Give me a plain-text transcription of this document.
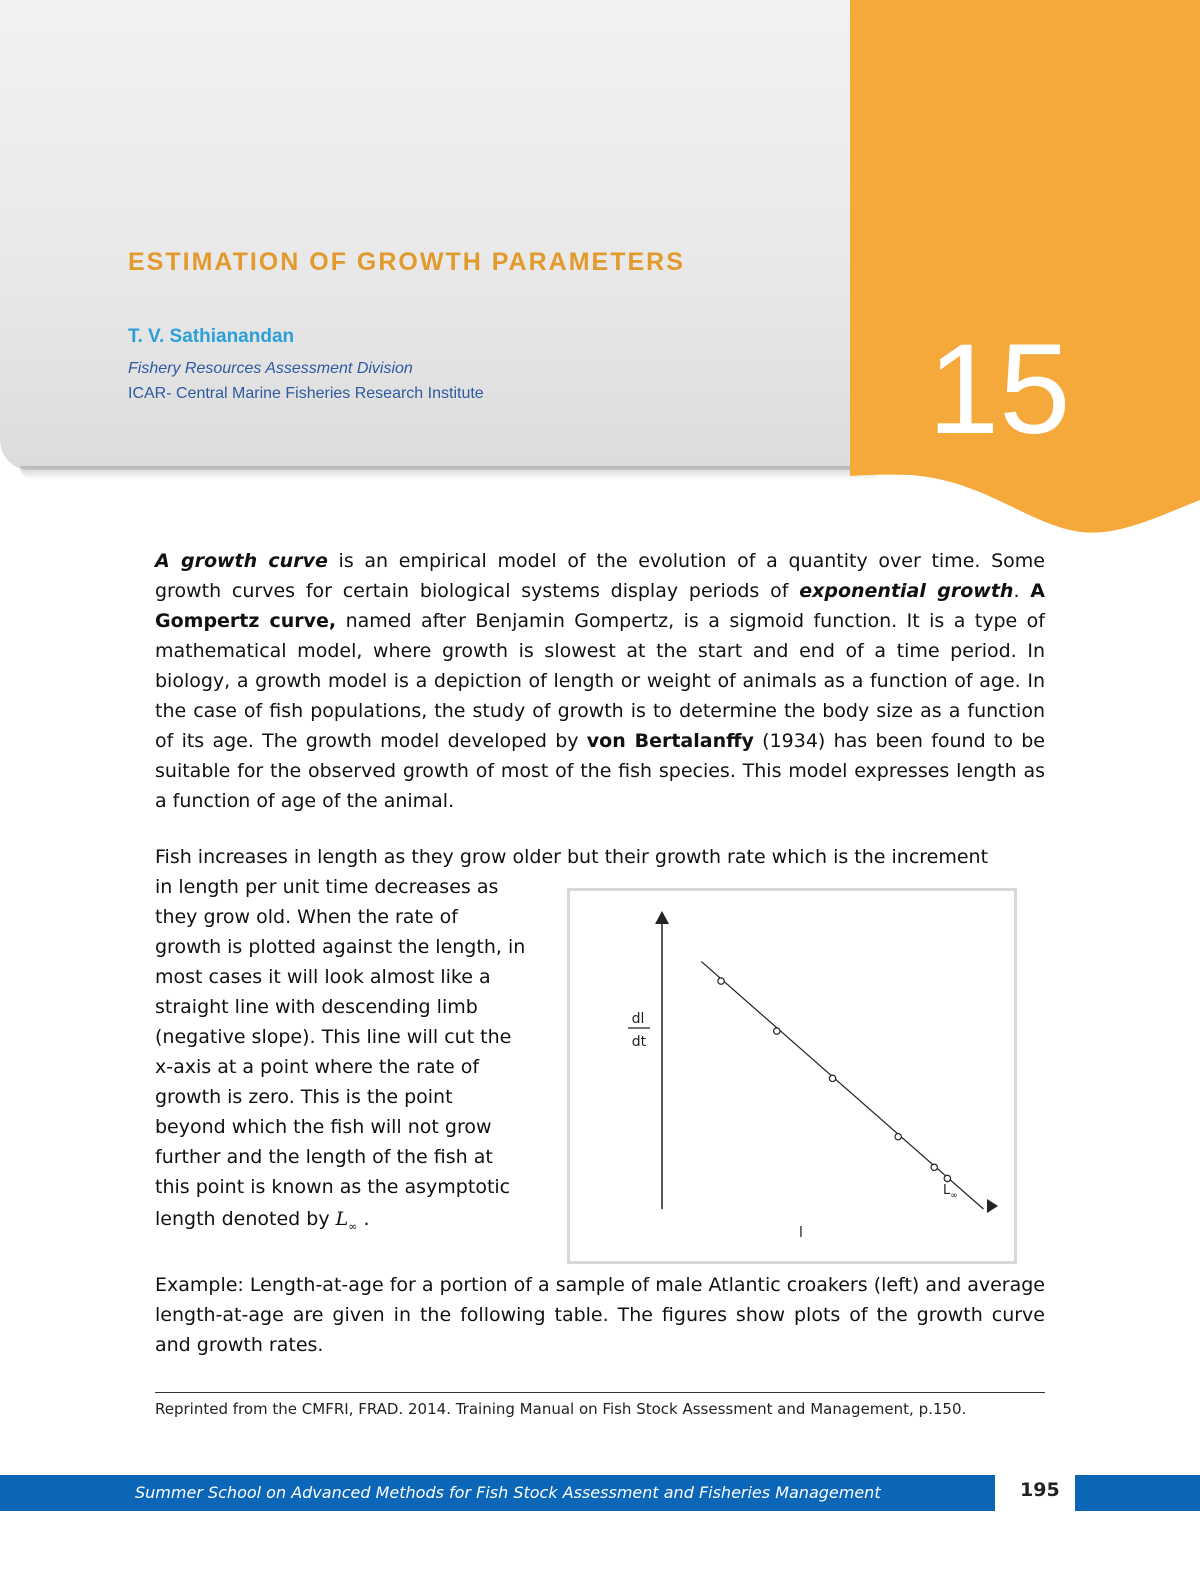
ESTIMATION OF GROWTH PARAMETERS
T. V. Sathianandan
Fishery Resources Assessment Division
ICAR- Central Marine Fisheries Research Institute	15

A growth curve is an empirical model of the evolution of a quantity over time. Some growth curves for certain biological systems display periods of exponential growth. A Gompertz curve, named after Benjamin Gompertz, is a sigmoid function. It is a type of mathematical model, where growth is slowest at the start and end of a time period. In biology, a growth model is a depiction of length or weight of animals as a function of age. In the case of fish populations, the study of growth is to determine the body size as a function of its age. The growth model developed by von Bertalanffy (1934) has been found to be suitable for the observed growth of most of the fish species. This model expresses length as a function of age of the animal.

Fish increases in length as they grow older but their growth rate which is the increment

in length per unit time decreases as

they grow old. When the rate of

growth is plotted against the length, in

most cases it will look almost like a

straight line with descending limb

(negative slope). This line will cut the

x-axis at a point where the rate of

growth is zero. This is the point

beyond which the fish will not grow

further and the length of the fish at

this point is known as the asymptotic

length denoted by $L_\infty$ .

dl
dt
l
$L_\infty$

Example: Length-at-age for a portion of a sample of male Atlantic croakers (left) and average length-at-age are given in the following table. The figures show plots of the growth curve and growth rates.

Reprinted from the CMFRI, FRAD. 2014. Training Manual on Fish Stock Assessment and Management, p.150.
Summer School on Advanced Methods for Fish Stock Assessment and Fisheries Management	195
